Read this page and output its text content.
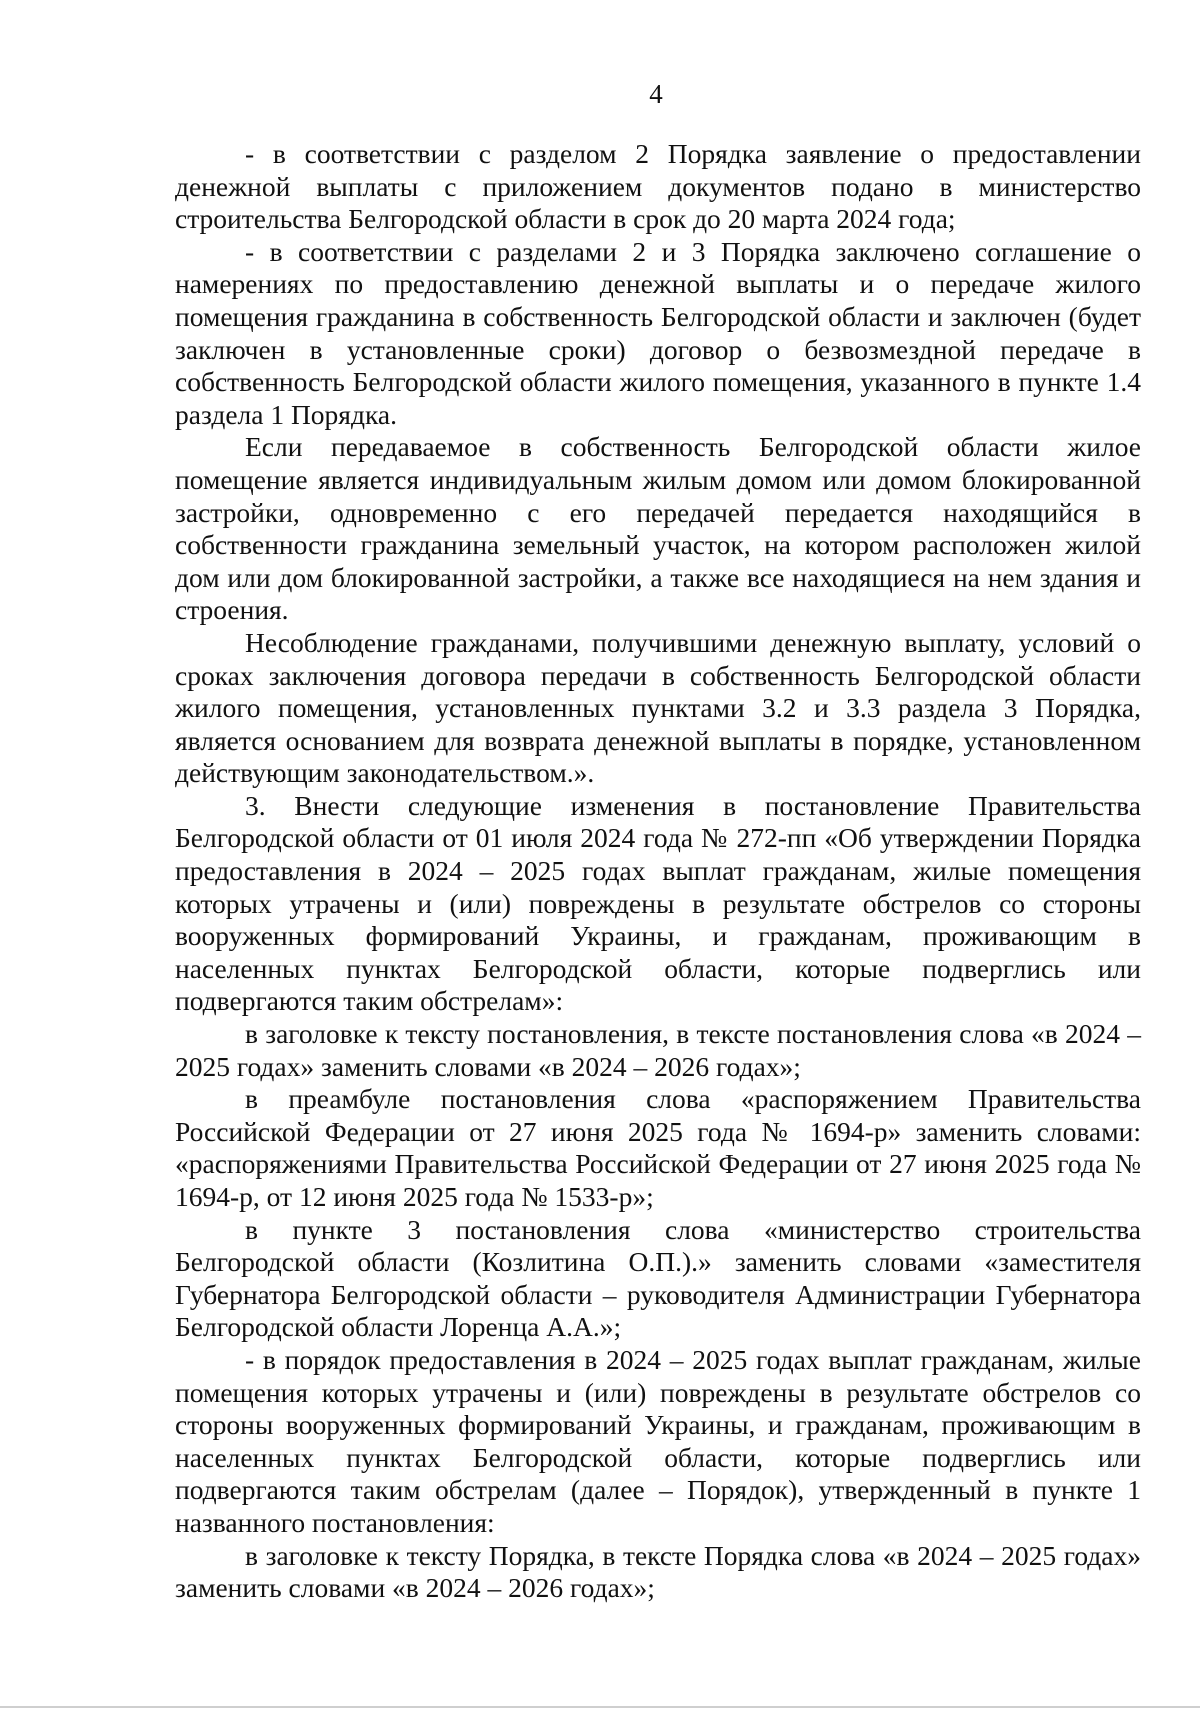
4

- в соответствии с разделом 2 Порядка заявление о предоставлении денежной выплаты с приложением документов подано в министерство строительства Белгородской области в срок до 20 марта 2024 года;

- в соответствии с разделами 2 и 3 Порядка заключено соглашение о намерениях по предоставлению денежной выплаты и о передаче жилого помещения гражданина в собственность Белгородской области и заключен (будет заключен в установленные сроки) договор о безвозмездной передаче в собственность Белгородской области жилого помещения, указанного в пункте 1.4 раздела 1 Порядка.

Если передаваемое в собственность Белгородской области жилое помещение является индивидуальным жилым домом или домом блокированной застройки, одновременно с его передачей передается находящийся в собственности гражданина земельный участок, на котором расположен жилой дом или дом блокированной застройки, а также все находящиеся на нем здания и строения.

Несоблюдение гражданами, получившими денежную выплату, условий о сроках заключения договора передачи в собственность Белгородской области жилого помещения, установленных пунктами 3.2 и 3.3 раздела 3 Порядка, является основанием для возврата денежной выплаты в порядке, установленном действующим законодательством.».

3. Внести следующие изменения в постановление Правительства Белгородской области от 01 июля 2024 года № 272-пп «Об утверждении Порядка предоставления в 2024 – 2025 годах выплат гражданам, жилые помещения которых утрачены и (или) повреждены в результате обстрелов со стороны вооруженных формирований Украины, и гражданам, проживающим в населенных пунктах Белгородской области, которые подверглись или подвергаются таким обстрелам»:

в заголовке к тексту постановления, в тексте постановления слова «в 2024 – 2025 годах» заменить словами «в 2024 – 2026 годах»;

в преамбуле постановления слова «распоряжением Правительства Российской Федерации от 27 июня 2025 года № 1694-р» заменить словами: «распоряжениями Правительства Российской Федерации от 27 июня 2025 года № 1694-р, от 12 июня 2025 года № 1533-р»;

в пункте 3 постановления слова «министерство строительства Белгородской области (Козлитина О.П.).» заменить словами «заместителя Губернатора Белгородской области – руководителя Администрации Губернатора Белгородской области Лоренца А.А.»;

- в порядок предоставления в 2024 – 2025 годах выплат гражданам, жилые помещения которых утрачены и (или) повреждены в результате обстрелов со стороны вооруженных формирований Украины, и гражданам, проживающим в населенных пунктах Белгородской области, которые подверглись или подвергаются таким обстрелам (далее – Порядок), утвержденный в пункте 1 названного постановления:

в заголовке к тексту Порядка, в тексте Порядка слова «в 2024 – 2025 годах» заменить словами «в 2024 – 2026 годах»;
